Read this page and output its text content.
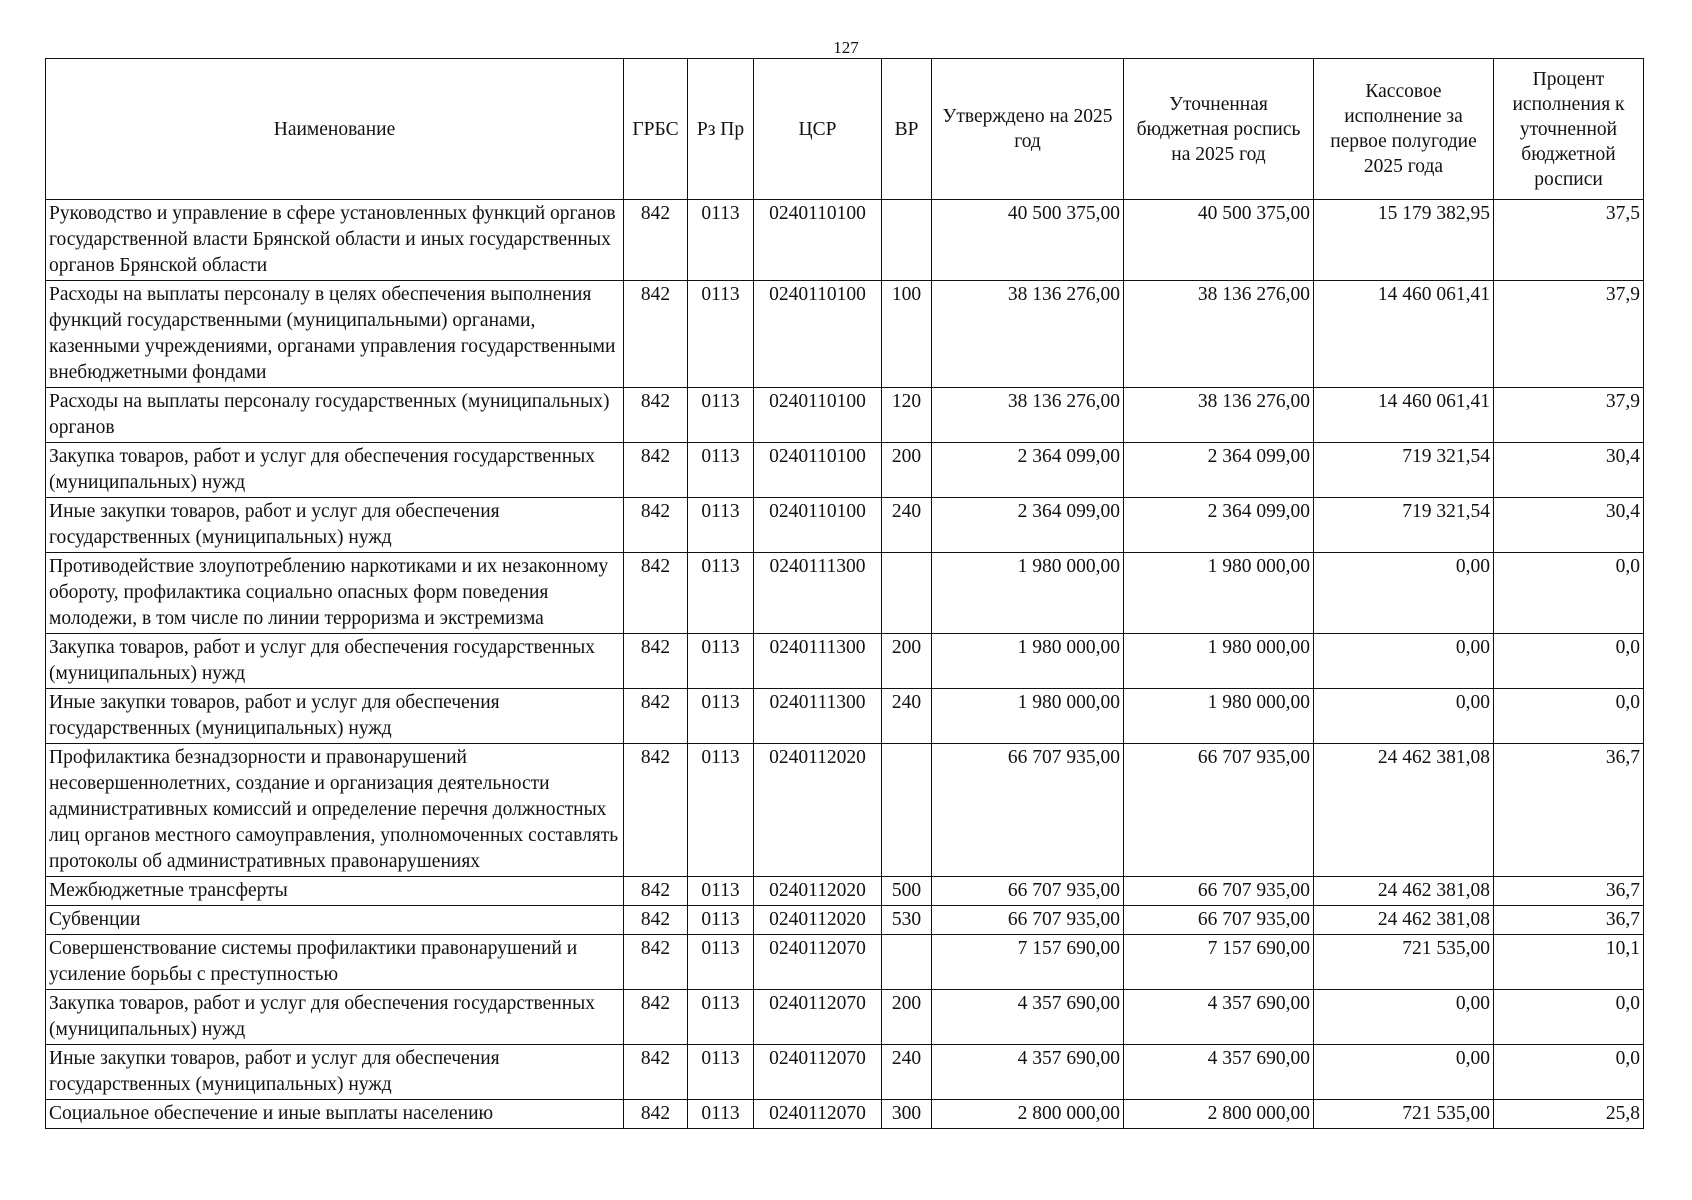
127
Наименование	ГРБС	Рз Пр	ЦСР	ВР	Утверждено на 2025 год	Уточненная бюджетная роспись на 2025 год	Кассовое исполнение за первое полугодие 2025 года	Процент исполнения к уточненной бюджетной росписи
Руководство и управление в сфере установленных функций органов государственной власти Брянской области и иных государственных органов Брянской области	842	0113	0240110100		40 500 375,00	40 500 375,00	15 179 382,95	37,5
Расходы на выплаты персоналу в целях обеспечения выполнения функций государственными (муниципальными) органами, казенными учреждениями, органами управления государственными внебюджетными фондами	842	0113	0240110100	100	38 136 276,00	38 136 276,00	14 460 061,41	37,9
Расходы на выплаты персоналу государственных (муниципальных) органов	842	0113	0240110100	120	38 136 276,00	38 136 276,00	14 460 061,41	37,9
Закупка товаров, работ и услуг для обеспечения государственных (муниципальных) нужд	842	0113	0240110100	200	2 364 099,00	2 364 099,00	719 321,54	30,4
Иные закупки товаров, работ и услуг для обеспечения государственных (муниципальных) нужд	842	0113	0240110100	240	2 364 099,00	2 364 099,00	719 321,54	30,4
Противодействие злоупотреблению наркотиками и их незаконному обороту, профилактика социально опасных форм поведения молодежи, в том числе по линии терроризма и экстремизма	842	0113	0240111300		1 980 000,00	1 980 000,00	0,00	0,0
Закупка товаров, работ и услуг для обеспечения государственных (муниципальных) нужд	842	0113	0240111300	200	1 980 000,00	1 980 000,00	0,00	0,0
Иные закупки товаров, работ и услуг для обеспечения государственных (муниципальных) нужд	842	0113	0240111300	240	1 980 000,00	1 980 000,00	0,00	0,0
Профилактика безнадзорности и правонарушений несовершеннолетних, создание и организация деятельности административных комиссий и определение перечня должностных лиц органов местного самоуправления, уполномоченных составлять протоколы об административных правонарушениях	842	0113	0240112020		66 707 935,00	66 707 935,00	24 462 381,08	36,7
Межбюджетные трансферты	842	0113	0240112020	500	66 707 935,00	66 707 935,00	24 462 381,08	36,7
Субвенции	842	0113	0240112020	530	66 707 935,00	66 707 935,00	24 462 381,08	36,7
Совершенствование системы профилактики правонарушений и усиление борьбы с преступностью	842	0113	0240112070		7 157 690,00	7 157 690,00	721 535,00	10,1
Закупка товаров, работ и услуг для обеспечения государственных (муниципальных) нужд	842	0113	0240112070	200	4 357 690,00	4 357 690,00	0,00	0,0
Иные закупки товаров, работ и услуг для обеспечения государственных (муниципальных) нужд	842	0113	0240112070	240	4 357 690,00	4 357 690,00	0,00	0,0
Социальное обеспечение и иные выплаты населению	842	0113	0240112070	300	2 800 000,00	2 800 000,00	721 535,00	25,8
